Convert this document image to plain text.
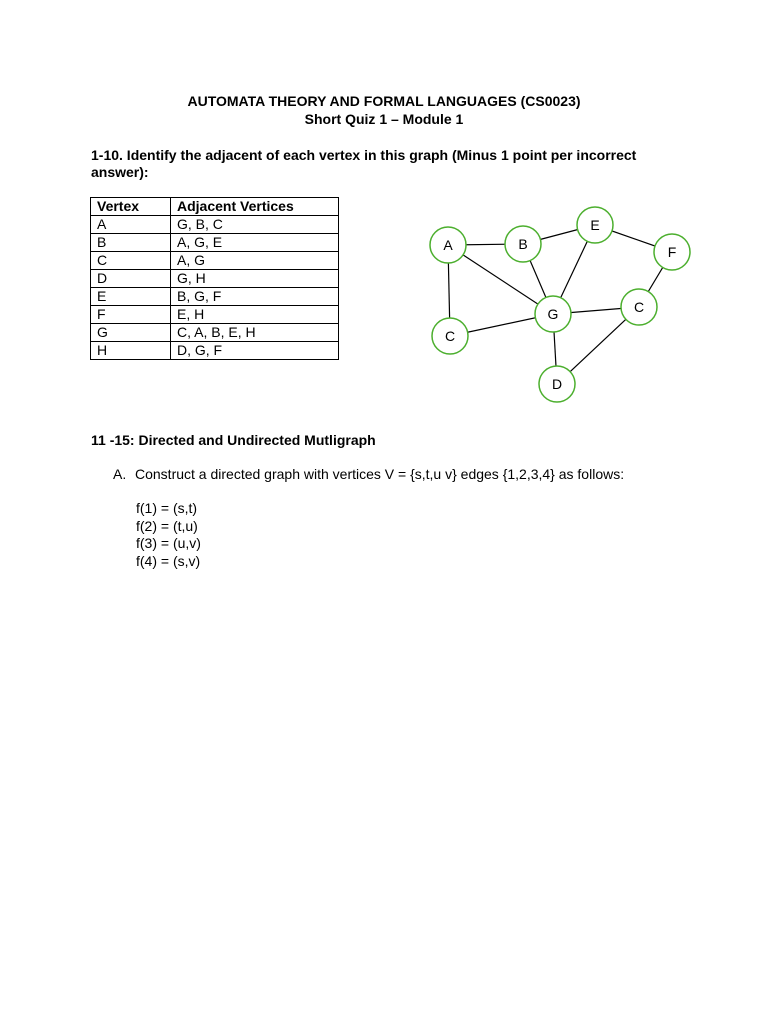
AUTOMATA THEORY AND FORMAL LANGUAGES (CS0023)
Short Quiz 1 – Module 1
1-10. Identify the adjacent of each vertex in this graph (Minus 1 point per incorrect
answer):
Vertex	Adjacent Vertices
A	G, B, C
B	A, G, E
C	A, G
D	G, H
E	B, G, F
F	E, H
G	C, A, B, E, H
H	D, G, F
A	B
E
F
G
C
C
D
11 -15: Directed and Undirected Mutligraph
A. Construct a directed graph with vertices V = {s,t,u v} edges {1,2,3,4} as follows:
f(1) = (s,t)
f(2) = (t,u)
f(3) = (u,v)
f(4) = (s,v)
